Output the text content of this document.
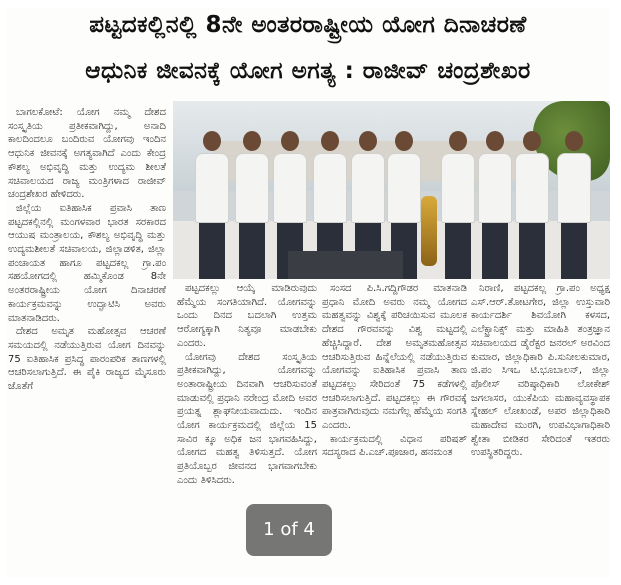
ಪಟ್ಟದಕಲ್ಲಿನಲ್ಲಿ 8ನೇ ಅಂತರರಾಷ್ಟ್ರೀಯ ಯೋಗ ದಿನಾಚರಣೆ
ಆಧುನಿಕ ಜೀವನಕ್ಕೆ ಯೋಗ ಅಗತ್ಯ : ರಾಜೀವ್ ಚಂದ್ರಶೇಖರ

ಬಾಗಲಕೋಟೆ: ಯೋಗ ನಮ್ಮ ದೇಶದ ಸಂಸ್ಕೃತಿಯ ಪ್ರತೀಕವಾಗಿದ್ದು, ಅನಾದಿ ಕಾಲದಿಂದಲೂ ಬಂದಿರುವ ಯೋಗವು ಇಂದಿನ ಆಧುನಿಕ ಜೀವನಕ್ಕೆ ಅಗತ್ಯವಾಗಿದೆ ಎಂದು ಕೇಂದ್ರ ಕೌಶಲ್ಯ ಅಭಿವೃದ್ಧಿ ಮತ್ತು ಉದ್ಯಮ ಶೀಲತೆ ಸಚಿವಾಲಯದ ರಾಜ್ಯ ಮಂತ್ರಿಗಳಾದ ರಾಜೀವ್ ಚಂದ್ರಶೇಖರ ಹೇಳಿದರು.

ಜಿಲ್ಲೆಯ ಐತಿಹಾಸಿಕ ಪ್ರವಾಸಿ ತಾಣ ಪಟ್ಟದಕಲ್ಲಿನಲ್ಲಿ ಮಂಗಳವಾರ ಭಾರತ ಸರಕಾರದ ಆಯುಷ ಮಂತ್ರಾಲಯ, ಕೌಶಲ್ಯ ಅಭಿವೃದ್ಧಿ ಮತ್ತು ಉದ್ಯಮಶೀಲತೆ ಸಚಿವಾಲಯ, ಜಿಲ್ಲಾಡಳಿತ, ಜಿಲ್ಲಾ ಪಂಚಾಯತ ಹಾಗೂ ಪಟ್ಟದಕಲ್ಲ ಗ್ರಾ.ಪಂ ಸಹಯೋಗದಲ್ಲಿ ಹಮ್ಮಿಕೊಂಡ 8ನೇ ಅಂತರರಾಷ್ಟ್ರೀಯ ಯೋಗ ದಿನಾಚರಣೆ ಕಾರ್ಯಕ್ರಮವನ್ನು ಉದ್ಘಾಟಿಸಿ ಅವರು ಮಾತನಾಡಿದರು.

ದೇಶದ ಅಮೃತ ಮಹೋತ್ಸವ ಆಚರಣೆ ಸಮಯದಲ್ಲಿ ನಡೆಯುತ್ತಿರುವ ಯೋಗ ದಿನವನ್ನು 75 ಐತಿಹಾಸಿಕ ಪ್ರಸಿದ್ಧ ಪಾರಂಪರಿಕ ತಾಣಗಳಲ್ಲಿ ಆಚರಿಸಲಾಗುತ್ತಿದೆ. ಈ ಪೈಕಿ ರಾಜ್ಯದ ಮೈಸೂರು ಜೊತೆಗೆ

ಪಟ್ಟದಕಲ್ಲು ಆಯ್ಕೆ ಮಾಡಿರುವುದು ಹೆಮ್ಮೆಯ ಸಂಗತಿಯಾಗಿದೆ. ಯೋಗವನ್ನು ಒಂದು ದಿನದ ಬದಲಾಗಿ ಉತ್ತಮ ಆರೋಗ್ಯಕ್ಕಾಗಿ ನಿತ್ಯವೂ ಮಾಡಬೇಕು ಎಂದರು.

ಯೋಗವು ದೇಶದ ಸಂಸ್ಕೃತಿಯ ಪ್ರತೀಕವಾಗಿದ್ದು, ಯೋಗವನ್ನು ಅಂತಾರಾಷ್ಟ್ರೀಯ ದಿನವಾಗಿ ಆಚರಿಸುವಂತೆ ಮಾಡುವಲ್ಲಿ ಪ್ರಧಾನಿ ನರೇಂದ್ರ ಮೋದಿ ಅವರ ಪ್ರಯತ್ನ ಶ್ಲಾಘನೀಯವಾದುದು. ಇಂದಿನ ಯೋಗ ಕಾರ್ಯಕ್ರಮದಲ್ಲಿ ಜಿಲ್ಲೆಯ 15 ಸಾವಿರ ಕ್ಕೂ ಅಧಿಕ ಜನ ಭಾಗವಹಿಸಿದ್ದು, ಯೋಗದ ಮಹತ್ವ ತಿಳಿಸುತ್ತದೆ. ಯೋಗ ಪ್ರತಿಯೊಬ್ಬರ ಜೀವನದ ಭಾಗವಾಗಬೇಕು ಎಂದು ತಿಳಿಸಿದರು.

ಸಂಸದ ಪಿ.ಸಿ.ಗದ್ದಿಗೌಡರ ಮಾತನಾಡಿ ಪ್ರಧಾನಿ ಮೋದಿ ಅವರು ನಮ್ಮ ಯೋಗದ ಮಹತ್ವವನ್ನು ವಿಶ್ವಕ್ಕೆ ಪರಿಚಯಿಸುವ ಮೂಲಕ ದೇಶದ ಗೌರವವನ್ನು ವಿಶ್ವ ಮಟ್ಟದಲ್ಲಿ ಹೆಚ್ಚಿಸಿದ್ದಾರೆ. ದೇಶ ಅಮೃತಮಹೋತ್ಸವ ಆಚರಿಸುತ್ತಿರುವ ಹಿನ್ನೆಲೆಯಲ್ಲಿ ನಡೆಯುತ್ತಿರುವ ಯೋಗವನ್ನು ಐತಿಹಾಸಿಕ ಪ್ರವಾಸಿ ತಾಣ ಪಟ್ಟದಕಲ್ಲು ಸೇರಿದಂತೆ 75 ಕಡೆಗಳಲ್ಲಿ ಆಚರಿಸಲಾಗುತ್ತಿದೆ. ಪಟ್ಟದಕಲ್ಲು ಈ ಗೌರವಕ್ಕೆ ಪಾತ್ರವಾಗಿರುವುದು ನಮಗೆಲ್ಲ ಹೆಮ್ಮೆಯ ಸಂಗತಿ ಎಂದರು.

ಕಾರ್ಯಕ್ರಮದಲ್ಲಿ ವಿಧಾನ ಪರಿಷತ್ ಸದಸ್ಯರಾದ ಪಿ.ಎಚ್.ಪೂಜಾರ, ಹನಮಂತ

ನಿರಾಣಿ, ಪಟ್ಟದಕಲ್ಲ ಗ್ರಾ.ಪಂ ಅಧ್ಯಕ್ಷ ಎಸ್.ಆರ್.ತೋಟಗೇರ, ಜಿಲ್ಲಾ ಉಸ್ತುವಾರಿ ಕಾರ್ಯದರ್ಶಿ ಶಿವಯೋಗಿ ಕಳಸದ, ಎಲೆಕ್ಟ್ರಾನಿಕ್ಸ್ ಮತ್ತು ಮಾಹಿತಿ ತಂತ್ರಜ್ಞಾನ ಸಚಿವಾಲಯದ ಡೈರೆಕ್ಟರ ಜನರಲ್ ಅರವಿಂದ ಕುಮಾರ, ಜಿಲ್ಲಾಧಿಕಾರಿ ಪಿ.ಸುನೀಲಕುಮಾರ, ಜಿ.ಪಂ ಸಿಇಒ ಟಿ.ಭೂಬಾಲನ್, ಜಿಲ್ಲಾ ಪೊಲೀಸ್ ವರಿಷ್ಠಾಧಿಕಾರಿ ಲೋಕೇಶ್ ಜಗಲಾಸರ, ಯುಕೆಪಿಯ ಮಹಾವ್ಯವಸ್ಥಾಪಕ ಸ್ನೇಹಲ್ ಲೋಖಂಡೆ, ಅಪರ ಜಿಲ್ಲಾಧಿಕಾರಿ ಮಹಾದೇವ ಮುರಗಿ, ಉಪವಿಭಾಗಾಧಿಕಾರಿ ಶ್ವೇತಾ ಬೀಡಿಕರ ಸೇರಿದಂತೆ ಇತರರು ಉಪಸ್ಥಿತರಿದ್ದರು.

1 of 4
